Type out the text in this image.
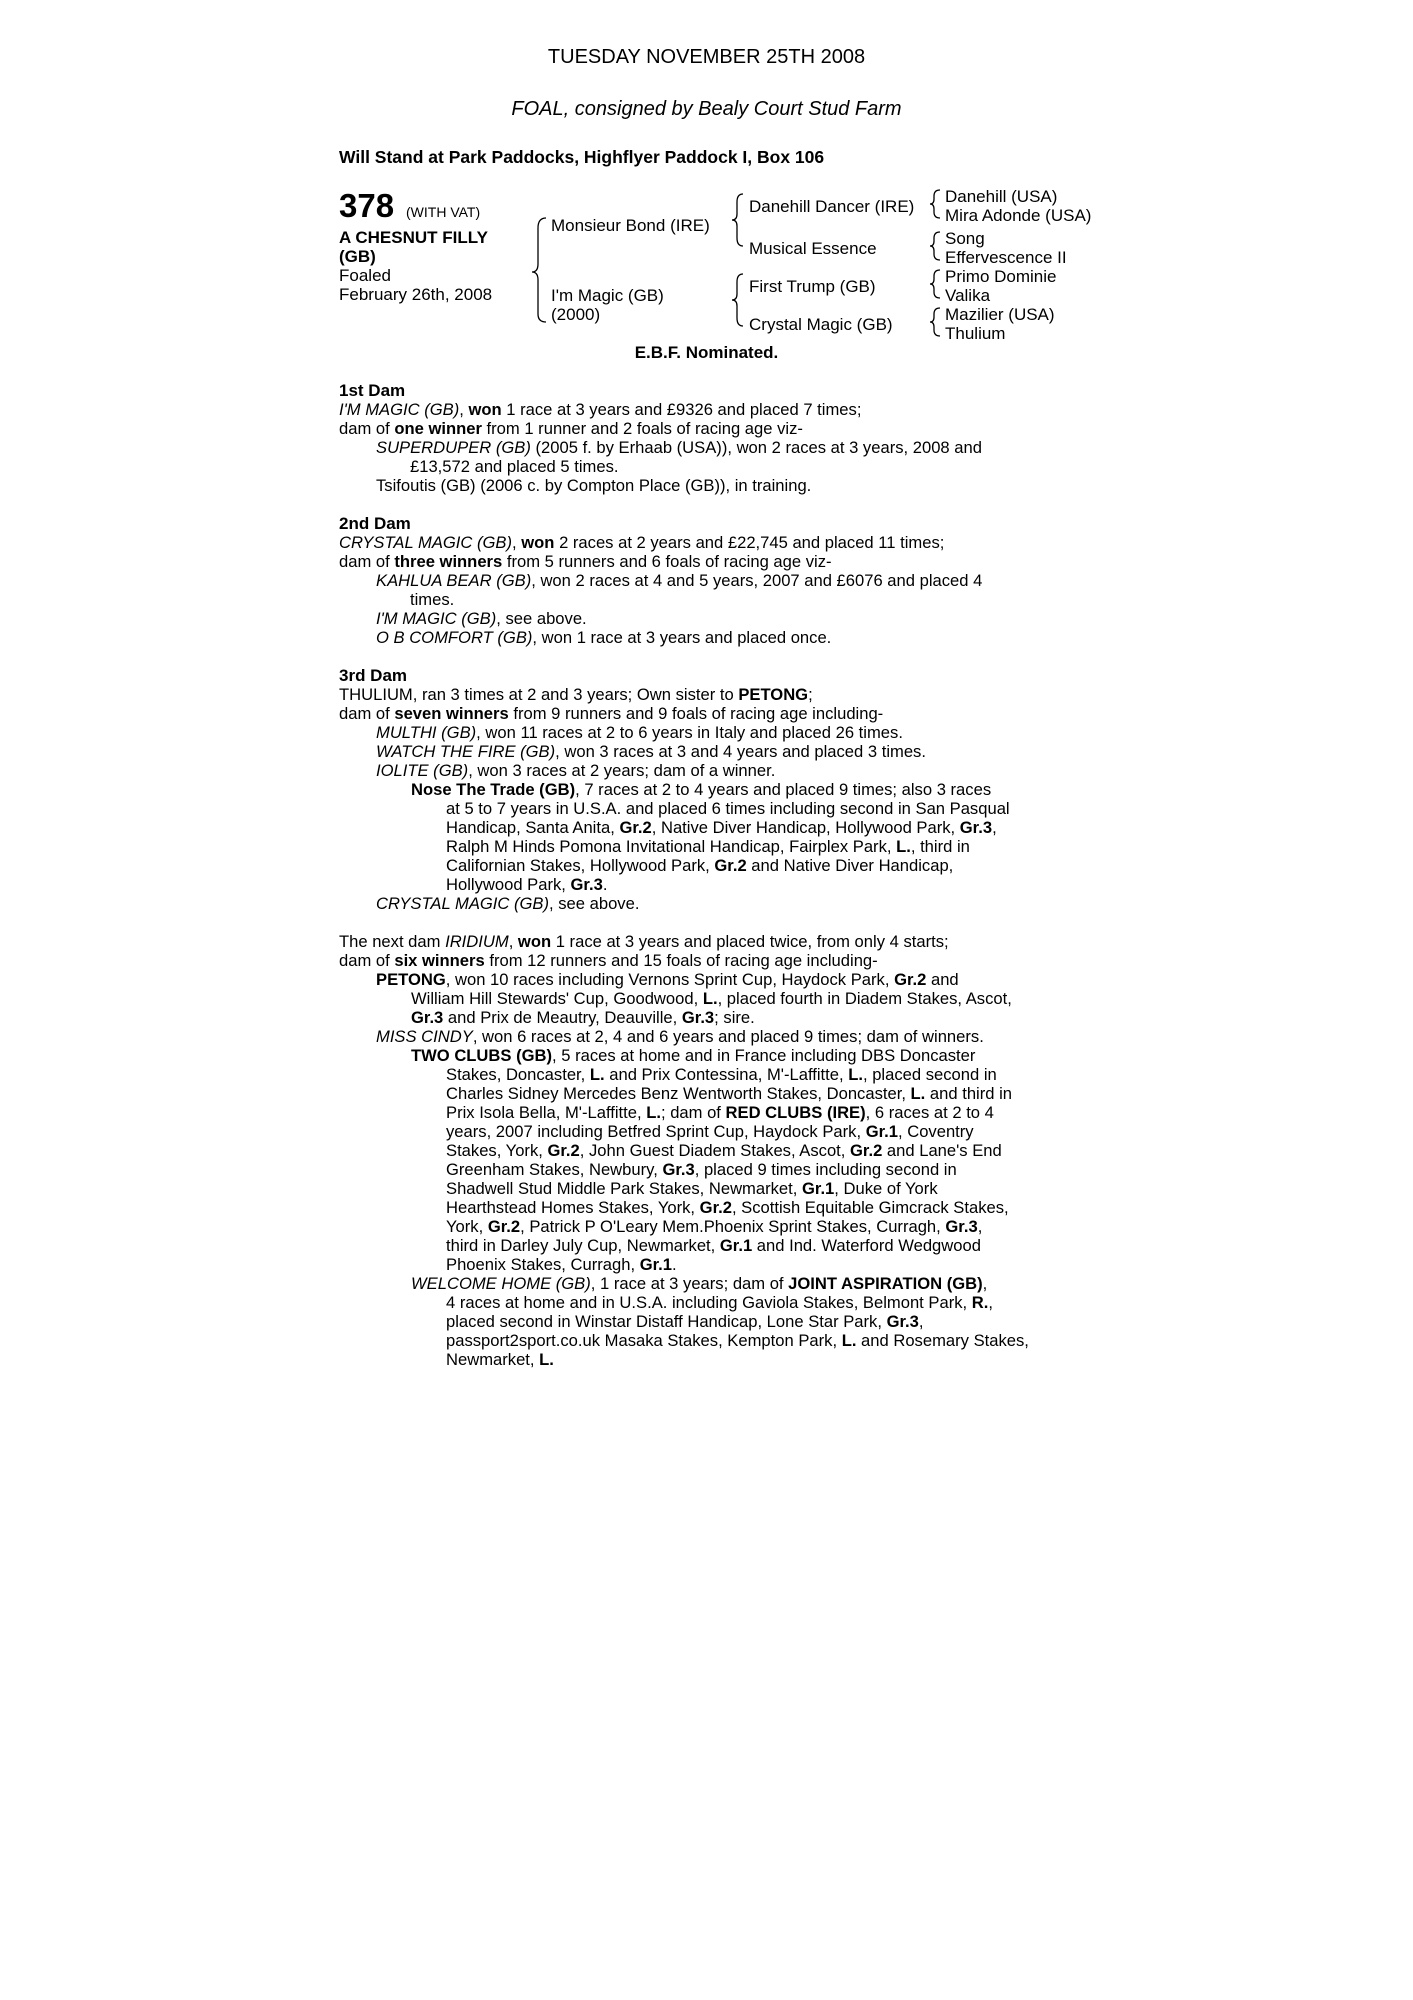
TUESDAY NOVEMBER 25TH 2008
FOAL, consigned by Bealy Court Stud Farm
Will Stand at Park Paddocks, Highflyer Paddock I, Box 106
378 (WITH VAT)
A CHESNUT FILLY
(GB)
Foaled
February 26th, 2008
Monsieur Bond (IRE)
I'm Magic (GB)
(2000)
Danehill Dancer (IRE)
Musical Essence
First Trump (GB)
Crystal Magic (GB)
Danehill (USA)
Mira Adonde (USA)
Song
Effervescence II
Primo Dominie
Valika
Mazilier (USA)
Thulium
E.B.F. Nominated.
1st Dam
I'M MAGIC (GB), won 1 race at 3 years and £9326 and placed 7 times;
dam of one winner from 1 runner and 2 foals of racing age viz-
SUPERDUPER (GB) (2005 f. by Erhaab (USA)), won 2 races at 3 years, 2008 and
£13,572 and placed 5 times.
Tsifoutis (GB) (2006 c. by Compton Place (GB)), in training.
2nd Dam
CRYSTAL MAGIC (GB), won 2 races at 2 years and £22,745 and placed 11 times;
dam of three winners from 5 runners and 6 foals of racing age viz-
KAHLUA BEAR (GB), won 2 races at 4 and 5 years, 2007 and £6076 and placed 4
times.
I'M MAGIC (GB), see above.
O B COMFORT (GB), won 1 race at 3 years and placed once.
3rd Dam
THULIUM, ran 3 times at 2 and 3 years; Own sister to PETONG;
dam of seven winners from 9 runners and 9 foals of racing age including-
MULTHI (GB), won 11 races at 2 to 6 years in Italy and placed 26 times.
WATCH THE FIRE (GB), won 3 races at 3 and 4 years and placed 3 times.
IOLITE (GB), won 3 races at 2 years; dam of a winner.
Nose The Trade (GB), 7 races at 2 to 4 years and placed 9 times; also 3 races
at 5 to 7 years in U.S.A. and placed 6 times including second in San Pasqual
Handicap, Santa Anita, Gr.2, Native Diver Handicap, Hollywood Park, Gr.3,
Ralph M Hinds Pomona Invitational Handicap, Fairplex Park, L., third in
Californian Stakes, Hollywood Park, Gr.2 and Native Diver Handicap,
Hollywood Park, Gr.3.
CRYSTAL MAGIC (GB), see above.
The next dam IRIDIUM, won 1 race at 3 years and placed twice, from only 4 starts;
dam of six winners from 12 runners and 15 foals of racing age including-
PETONG, won 10 races including Vernons Sprint Cup, Haydock Park, Gr.2 and
William Hill Stewards' Cup, Goodwood, L., placed fourth in Diadem Stakes, Ascot,
Gr.3 and Prix de Meautry, Deauville, Gr.3; sire.
MISS CINDY, won 6 races at 2, 4 and 6 years and placed 9 times; dam of winners.
TWO CLUBS (GB), 5 races at home and in France including DBS Doncaster
Stakes, Doncaster, L. and Prix Contessina, M'-Laffitte, L., placed second in
Charles Sidney Mercedes Benz Wentworth Stakes, Doncaster, L. and third in
Prix Isola Bella, M'-Laffitte, L.; dam of RED CLUBS (IRE), 6 races at 2 to 4
years, 2007 including Betfred Sprint Cup, Haydock Park, Gr.1, Coventry
Stakes, York, Gr.2, John Guest Diadem Stakes, Ascot, Gr.2 and Lane's End
Greenham Stakes, Newbury, Gr.3, placed 9 times including second in
Shadwell Stud Middle Park Stakes, Newmarket, Gr.1, Duke of York
Hearthstead Homes Stakes, York, Gr.2, Scottish Equitable Gimcrack Stakes,
York, Gr.2, Patrick P O'Leary Mem.Phoenix Sprint Stakes, Curragh, Gr.3,
third in Darley July Cup, Newmarket, Gr.1 and Ind. Waterford Wedgwood
Phoenix Stakes, Curragh, Gr.1.
WELCOME HOME (GB), 1 race at 3 years; dam of JOINT ASPIRATION (GB),
4 races at home and in U.S.A. including Gaviola Stakes, Belmont Park, R.,
placed second in Winstar Distaff Handicap, Lone Star Park, Gr.3,
passport2sport.co.uk Masaka Stakes, Kempton Park, L. and Rosemary Stakes,
Newmarket, L.
